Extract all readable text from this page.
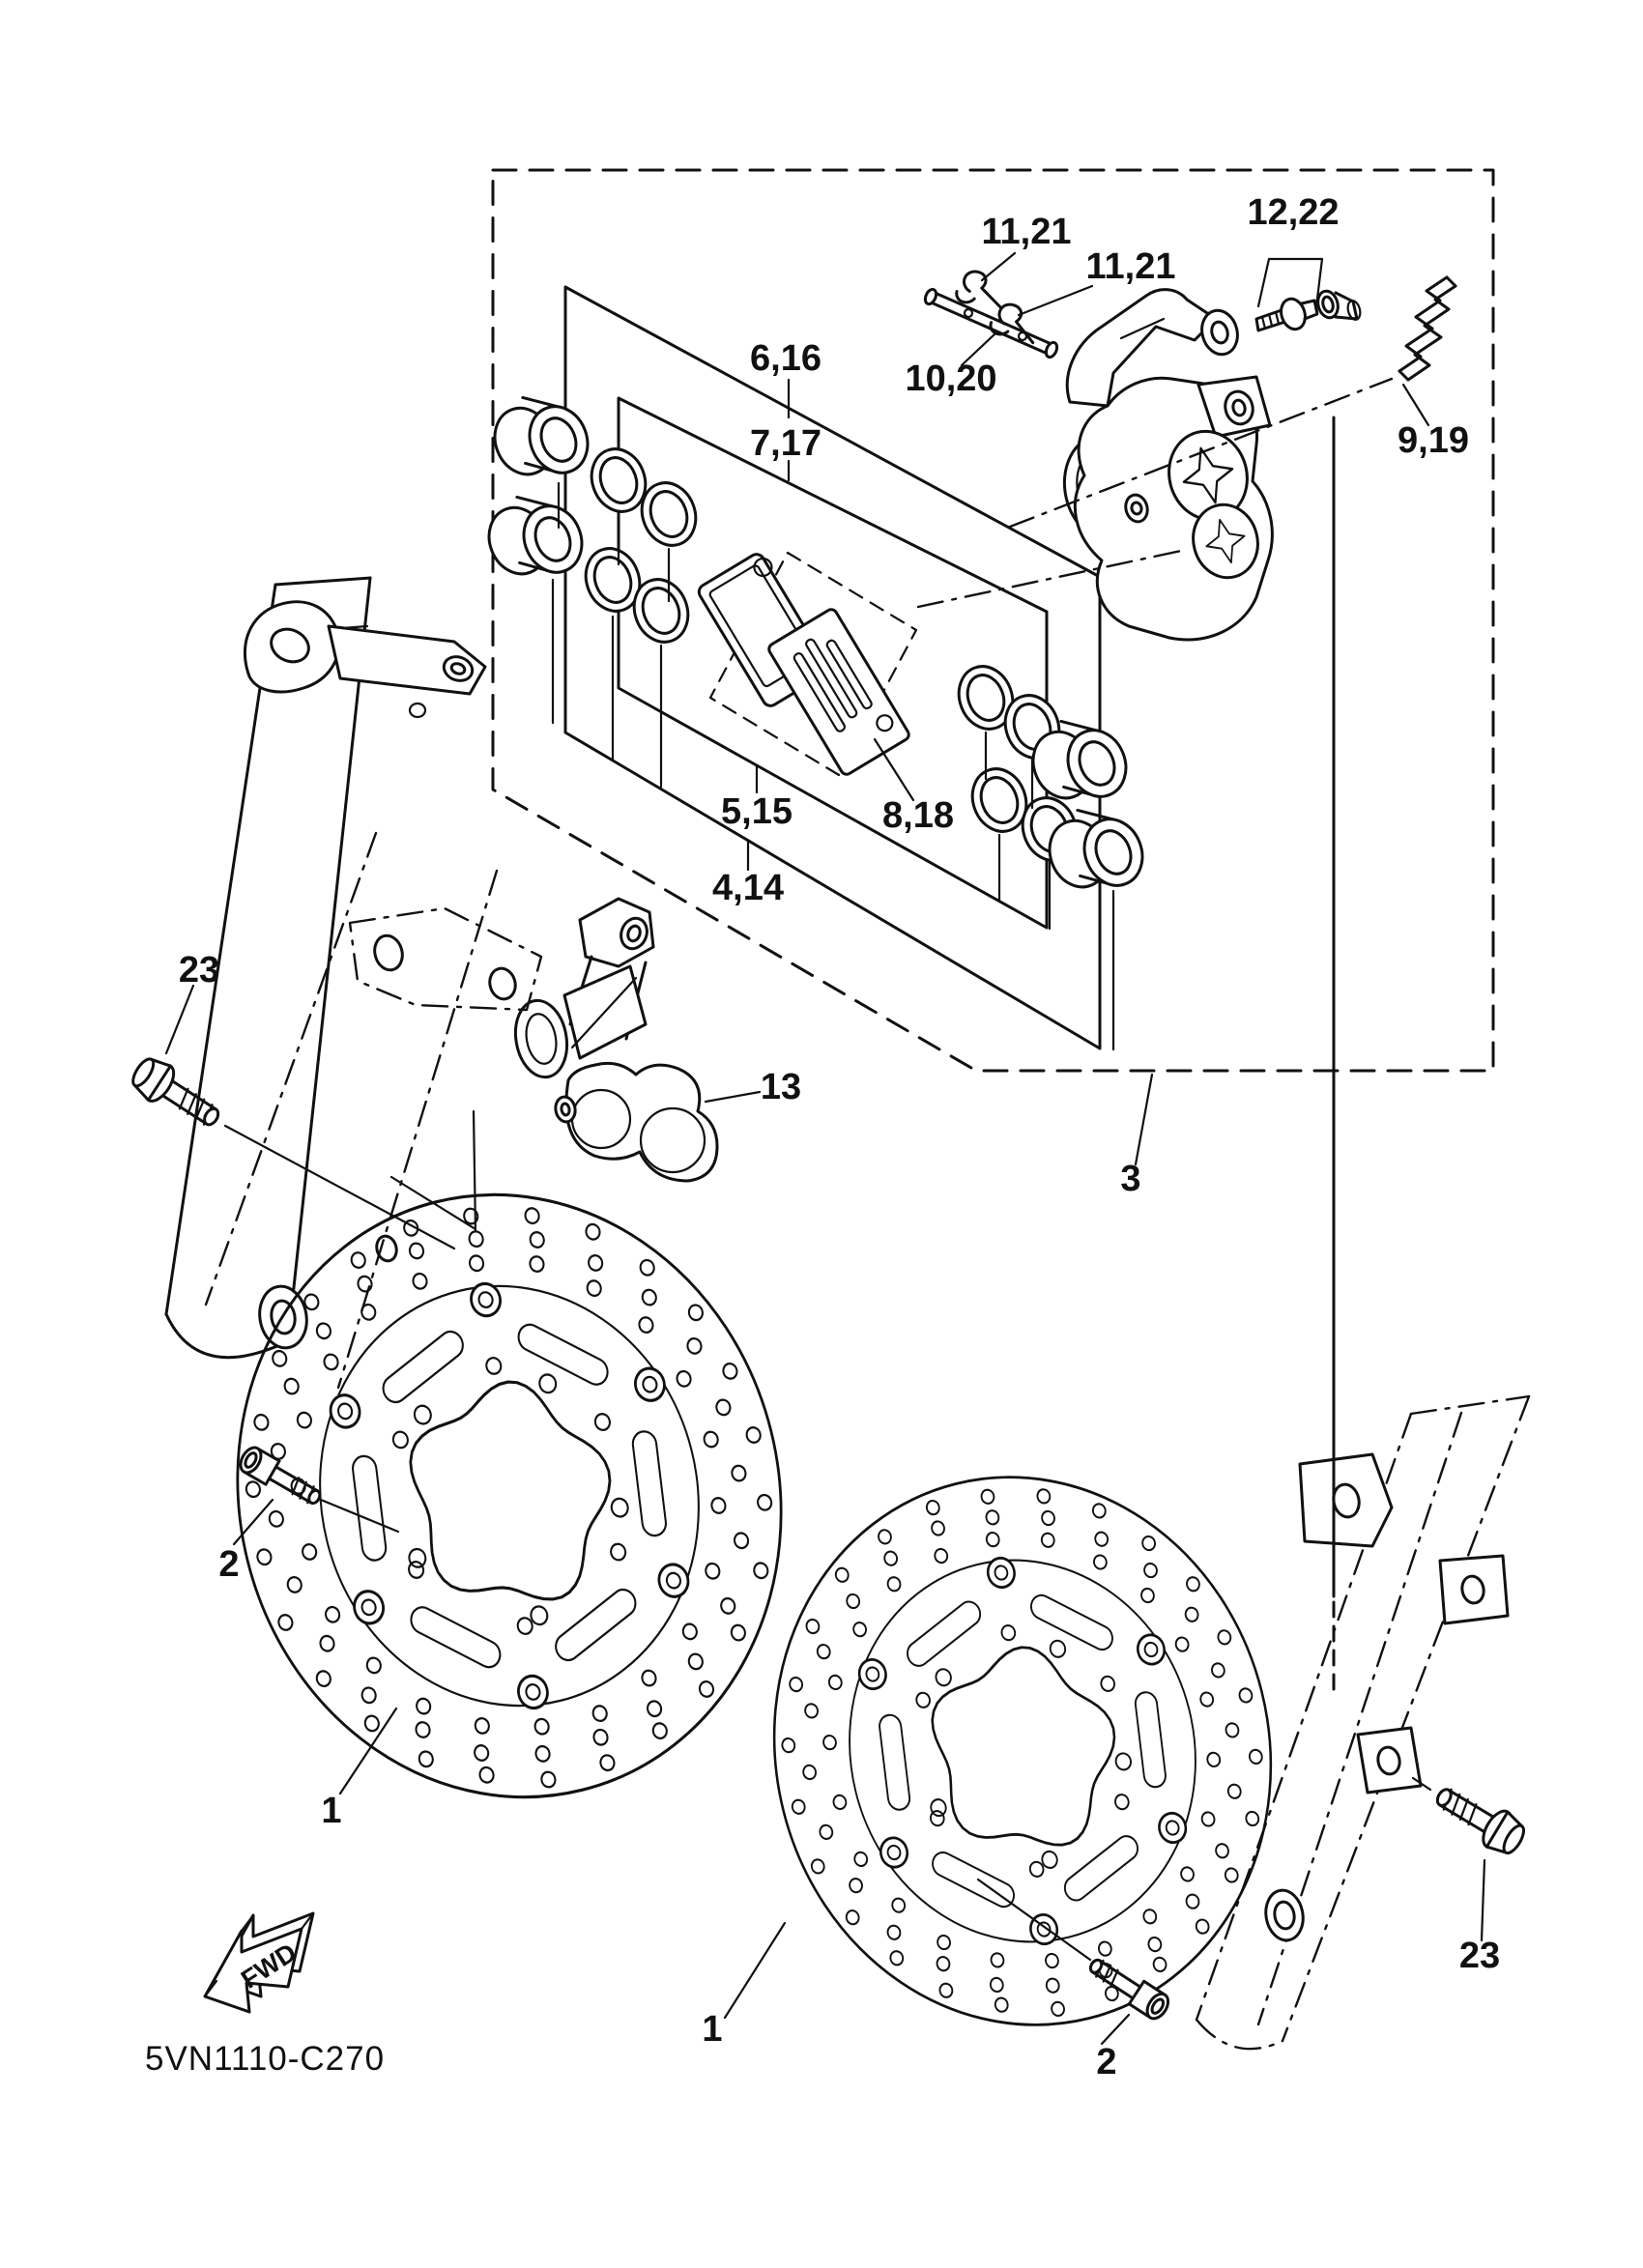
FWD
5VN1110-C270
11,21
11,21
12,22
10,20
6,16
7,17	9,19
5,15 8,18
4,14
13
3
23
2
1
1
2
23
